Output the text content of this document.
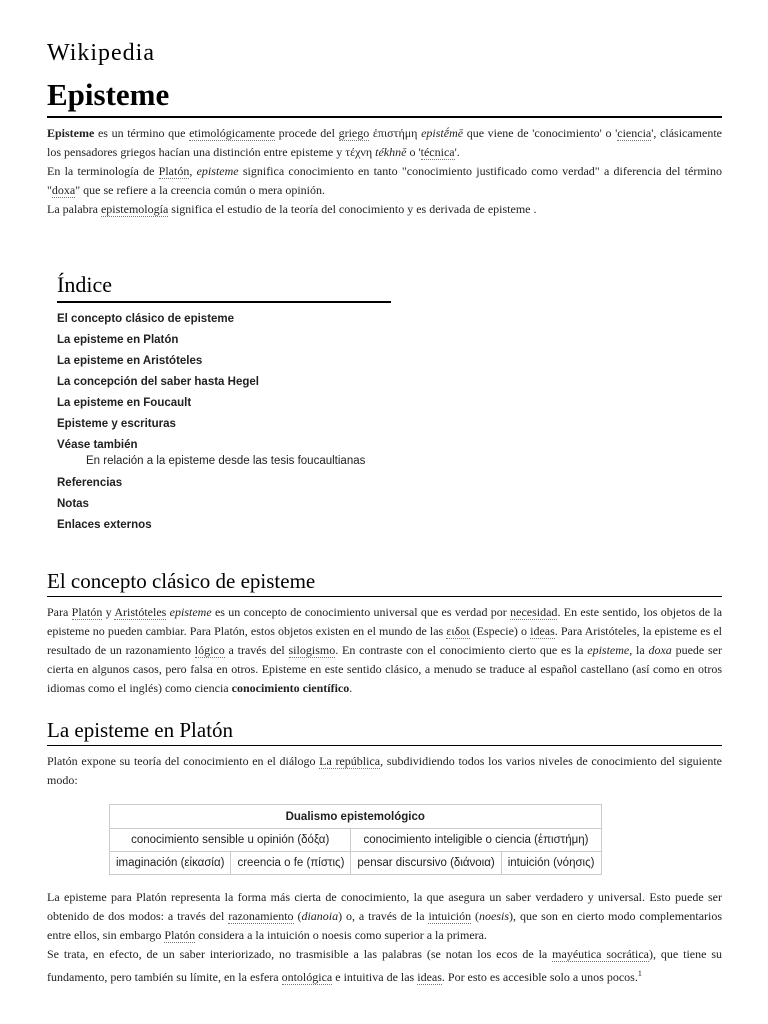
Wikipedia
Episteme

Episteme es un término que etimológicamente procede del griego ἐπιστήμη epistḗmē que viene de 'conocimiento' o 'ciencia', clásicamente los pensadores griegos hacían una distinción entre episteme y τέχνη tékhnē o 'técnica'.

En la terminología de Platón, episteme significa conocimiento en tanto "conocimiento justificado como verdad" a diferencia del término "doxa" que se refiere a la creencia común o mera opinión.

La palabra epistemología significa el estudio de la teoría del conocimiento y es derivada de episteme .

Índice
El concepto clásico de episteme
La episteme en Platón
La episteme en Aristóteles
La concepción del saber hasta Hegel
La episteme en Foucault
Episteme y escrituras
Véase también
En relación a la episteme desde las tesis foucaultianas
Referencias
Notas
Enlaces externos
El concepto clásico de episteme

Para Platón y Aristóteles episteme es un concepto de conocimiento universal que es verdad por necesidad. En este sentido, los objetos de la episteme no pueden cambiar. Para Platón, estos objetos existen en el mundo de las ειδοι (Especie) o ideas. Para Aristóteles, la episteme es el resultado de un razonamiento lógico a través del silogismo. En contraste con el conocimiento cierto que es la episteme, la doxa puede ser cierta en algunos casos, pero falsa en otros. Episteme en este sentido clásico, a menudo se traduce al español castellano (así como en otros idiomas como el inglés) como ciencia conocimiento científico.

La episteme en Platón

Platón expone su teoría del conocimiento en el diálogo La república, subdividiendo todos los varios niveles de conocimiento del siguiente modo:

Dualismo epistemológico			
conocimiento sensible u opinión (δόξα)		conocimiento inteligible o ciencia (ἐπιστήμη)	
imaginación (εἰκασία)	creencia o fe (πίστις)	pensar discursivo (διάνοια)	intuición (νόησις)

La episteme para Platón representa la forma más cierta de conocimiento, la que asegura un saber verdadero y universal. Esto puede ser obtenido de dos modos: a través del razonamiento (dianoia) o, a través de la intuición (noesis), que son en cierto modo complementarios entre ellos, sin embargo Platón considera a la intuición o noesis como superior a la primera.

Se trata, en efecto, de un saber interiorizado, no trasmisible a las palabras (se notan los ecos de la mayéutica socrática), que tiene su fundamento, pero también su límite, en la esfera ontológica e intuitiva de las ideas. Por esto es accesible solo a unos pocos.$^1$
